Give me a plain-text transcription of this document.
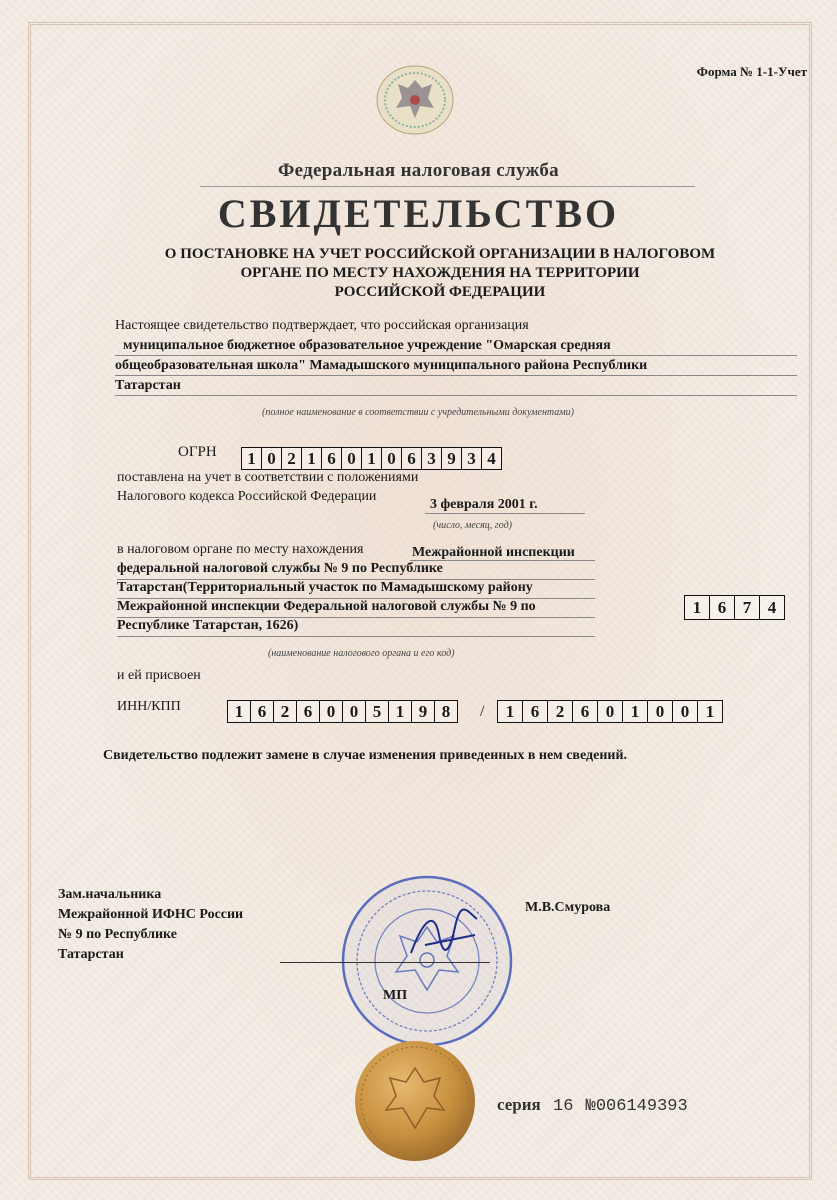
Форма № 1-1-Учет
Федеральная налоговая служба
СВИДЕТЕЛЬСТВО
О ПОСТАНОВКЕ НА УЧЕТ РОССИЙСКОЙ ОРГАНИЗАЦИИ В НАЛОГОВОМ
ОРГАНЕ ПО МЕСТУ НАХОЖДЕНИЯ НА ТЕРРИТОРИИ
РОССИЙСКОЙ ФЕДЕРАЦИИ
Настоящее свидетельство подтверждает, что российская организация
муниципальное бюджетное образовательное учреждение "Омарская средняя
общеобразовательная школа" Мамадышского муниципального района Республики
Татарстан
(полное наименование в соответствии с учредительными документами)
ОГРН	1 0 2 1 6 0 1 0 6 3 9 3 4
поставлена на учет в соответствии с положениями
Налогового кодекса Российской Федерации
3 февраля 2001 г.
(число, месяц, год)
в налоговом органе по месту нахождения	Межрайонной инспекции
федеральной налоговой службы № 9 по Республике
Татарстан(Территориальный участок по Мамадышскому району
Межрайонной инспекции Федеральной налоговой службы № 9 по
Республике Татарстан, 1626)
1 6 7 4
(наименование налогового органа и его код)
и ей присвоен
ИНН/КПП	1 6 2 6 0 0 5 1 9 8	/	1 6 2 6 0 1 0 0 1
Свидетельство подлежит замене в случае изменения приведенных в нем сведений.
Зам.начальника
Межрайонной ИФНС России
№ 9 по Республике
Татарстан
М.В.Смурова
МП
серия 16 №006149393
